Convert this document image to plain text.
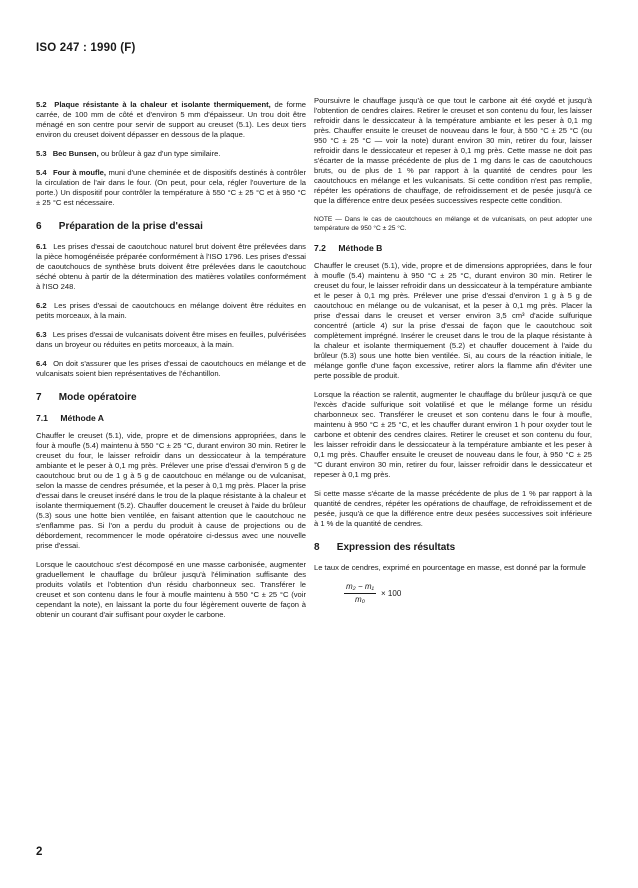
ISO 247 : 1990 (F)

5.2 Plaque résistante à la chaleur et isolante thermiquement, de forme carrée, de 100 mm de côté et d'environ 5 mm d'épaisseur. Un trou doit être ménagé en son centre pour servir de support au creuset (5.1). Les deux tiers environ du creuset doivent dépasser en dessous de la plaque.

5.3 Bec Bunsen, ou brûleur à gaz d'un type similaire.

5.4 Four à moufle, muni d'une cheminée et de dispositifs destinés à contrôler la circulation de l'air dans le four. (On peut, pour cela, régler l'ouverture de la porte.) Un dispositif pour contrôler la température à 550 °C ± 25 °C et à 950 °C ± 25 °C est nécessaire.

6 Préparation de la prise d'essai

6.1 Les prises d'essai de caoutchouc naturel brut doivent être prélevées dans la pièce homogénéisée préparée conformément à l'ISO 1796. Les prises d'essai de caoutchoucs de synthèse bruts doivent être prélevées dans le caoutchouc séché obtenu à partir de la détermination des matières volatiles conformément à l'ISO 248.

6.2 Les prises d'essai de caoutchoucs en mélange doivent être réduites en petits morceaux, à la main.

6.3 Les prises d'essai de vulcanisats doivent être mises en feuilles, pulvérisées dans un broyeur ou réduites en petits morceaux, à la main.

6.4 On doit s'assurer que les prises d'essai de caoutchoucs en mélange et de vulcanisats soient bien représentatives de l'échantillon.

7 Mode opératoire
7.1 Méthode A

Chauffer le creuset (5.1), vide, propre et de dimensions appropriées, dans le four à moufle (5.4) maintenu à 550 °C ± 25 °C, durant environ 30 min. Retirer le creuset du four, le laisser refroidir dans un dessiccateur à la température ambiante et le peser à 0,1 mg près. Prélever une prise d'essai d'environ 5 g de caoutchouc brut ou de 1 g à 5 g de caoutchouc en mélange ou de vulcanisat, selon la masse de cendres présumée, et la peser à 0,1 mg près. Placer la prise d'essai dans le creuset inséré dans le trou de la plaque résistante à la chaleur et isolante thermiquement (5.2). Chauffer doucement le creuset à l'aide du brûleur (5.3) sous une hotte bien ventilée, en faisant attention que le caoutchouc ne s'enflamme pas. Si l'on a perdu du produit à cause de projections ou de débordement, recommencer le mode opératoire ci-dessus avec une nouvelle prise d'essai.

Lorsque le caoutchouc s'est décomposé en une masse carbonisée, augmenter graduellement le chauffage du brûleur jusqu'à l'élimination suffisante des produits volatils et l'obtention d'un résidu charbonneux sec. Transférer le creuset et son contenu dans le four à moufle maintenu à 550 °C ± 25 °C (voir cependant la note), en laissant la porte du four légèrement ouverte de façon à obtenir un courant d'air suffisant pour oxyder le carbone.

Poursuivre le chauffage jusqu'à ce que tout le carbone ait été oxydé et jusqu'à l'obtention de cendres claires. Retirer le creuset et son contenu du four, les laisser refroidir dans le dessiccateur à la température ambiante et les peser à 0,1 mg près. Chauffer ensuite le creuset de nouveau dans le four, à 550 °C ± 25 °C (ou 950 °C ± 25 °C — voir la note) durant environ 30 min, retirer du four, laisser refroidir dans le dessiccateur et repeser à 0,1 mg près. Cette masse ne doit pas s'écarter de la masse précédente de plus de 1 mg dans le cas de caoutchoucs bruts, ou de plus de 1 % par rapport à la quantité de cendres pour les caoutchoucs en mélange et les vulcanisats. Si cette condition n'est pas remplie, répéter les opérations de chauffage, de refroidissement et de pesée jusqu'à ce que la différence entre deux pesées successives respecte cette condition.

NOTE — Dans le cas de caoutchoucs en mélange et de vulcanisats, on peut adopter une température de 950 °C ± 25 °C.

7.2 Méthode B

Chauffer le creuset (5.1), vide, propre et de dimensions appropriées, dans le four à moufle (5.4) maintenu à 950 °C ± 25 °C, durant environ 30 min. Retirer le creuset du four, le laisser refroidir dans un dessiccateur à la température ambiante et le peser à 0,1 mg près. Prélever une prise d'essai d'environ 1 g à 5 g de caoutchouc en mélange ou de vulcanisat, et la peser à 0,1 mg près. Placer la prise d'essai dans le creuset et verser environ 3,5 cm³ d'acide sulfurique concentré (article 4) sur la prise d'essai de façon que le caoutchouc soit complètement imprégné. Insérer le creuset dans le trou de la plaque résistante à la chaleur et isolante thermiquement (5.2) et chauffer doucement à l'aide du brûleur (5.3) sous une hotte bien ventilée. Si, au cours de la réaction initiale, le mélange gonfle d'une façon excessive, retirer alors la flamme afin d'éviter une perte possible de produit.

Lorsque la réaction se ralentit, augmenter le chauffage du brûleur jusqu'à ce que l'excès d'acide sulfurique soit volatilisé et que le mélange forme un résidu charbonneux sec. Transférer le creuset et son contenu dans le four à moufle, maintenu à 950 °C ± 25 °C, et les chauffer durant environ 1 h pour oxyder tout le carbone et obtenir des cendres claires. Retirer le creuset et son contenu du four, les laisser refroidir dans le dessiccateur à la température ambiante et les peser à 0,1 mg près. Chauffer ensuite le creuset de nouveau dans le four, à 950 °C ± 25 °C durant environ 30 min, retirer du four, laisser refroidir dans le dessiccateur et repeser à 0,1 mg près.

Si cette masse s'écarte de la masse précédente de plus de 1 % par rapport à la quantité de cendres, répéter les opérations de chauffage, de refroidissement et de pesée, jusqu'à ce que la différence entre deux pesées successives soit inférieure à 1 % de la quantité de cendres.

8 Expression des résultats

Le taux de cendres, exprimé en pourcentage en masse, est donné par la formule

$\frac{\text{m₂ − m₁}}{\text{m₀}} \times 100$
2
